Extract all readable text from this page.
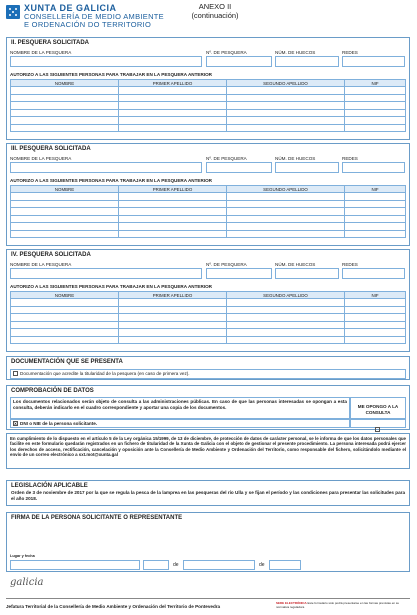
XUNTA DE GALICIA
CONSELLERÍA DE MEDIO AMBIENTE
E ORDENACIÓN DO TERRITORIO
ANEXO II
(continuación)
II. PESQUERA SOLICITADA
NOMBRE DE LA PESQUERA	Nº. DE PESQUERA	NÚM. DE HUECOS	REDES
AUTORIZO A LAS SIGUIENTES PERSONAS PARA TRABAJAR EN LA PESQUERA ANTERIOR
NOMBRE	PRIMER APELLIDO	SEGUNDO APELLIDO	NIF

III. PESQUERA SOLICITADA
NOMBRE DE LA PESQUERA	Nº. DE PESQUERA	NÚM. DE HUECOS	REDES
AUTORIZO A LAS SIGUIENTES PERSONAS PARA TRABAJAR EN LA PESQUERA ANTERIOR
NOMBRE	PRIMER APELLIDO	SEGUNDO APELLIDO	NIF

IV. PESQUERA SOLICITADA
NOMBRE DE LA PESQUERA	Nº. DE PESQUERA	NÚM. DE HUECOS	REDES
AUTORIZO A LAS SIGUIENTES PERSONAS PARA TRABAJAR EN LA PESQUERA ANTERIOR
NOMBRE	PRIMER APELLIDO	SEGUNDO APELLIDO	NIF

DOCUMENTACIÓN QUE SE PRESENTA
Documentación que acredite la titularidad de la pesquera (en caso de primera vez).
COMPROBACIÓN DE DATOS
Los documentos relacionados serán objeto de consulta a las administraciones públicas. En caso de que las personas interesadas se opongan a esta consulta, deberán indicarlo en el cuadro correspondiente y aportar una copia de los documentos.	ME OPONGO A LA CONSULTA
X DNI o NIE de la persona solicitante.
En cumplimiento de lo dispuesto en el artículo 5 de la Ley orgánica 15/1999, de 13 de diciembre, de protección de datos de carácter personal, se le informa de que los datos personales que facilite en este formulario quedarán registrados en un fichero de titularidad de la Xunta de Galicia con el objeto de gestionar el presente procedimiento. La persona interesada podrá ejercer los derechos de acceso, rectificación, cancelación y oposición ante la Consellería de Medio Ambiente y Ordenación del Territorio, como responsable del fichero, solicitándolo mediante el envío de un correo electrónico a sxt.mot@xunta.gal
LEGISLACIÓN APLICABLE
Orden de 3 de noviembre de 2017 por la que se regula la pesca de la lamprea en las pesqueras del río Ulla y se fijan el período y las condiciones para presentar las solicitudes para el año 2018.
FIRMA DE LA PERSONA SOLICITANTE O REPRESENTANTE
Lugar y fecha
de	de
galicia
Jefatura Territorial de la Consellería de Medio Ambiente y Ordenación del Territorio de Pontevedra
SEDE ELECTRÓNICA Este formulario sólo podrá presentarse en las formas previstas en su normativa reguladora
